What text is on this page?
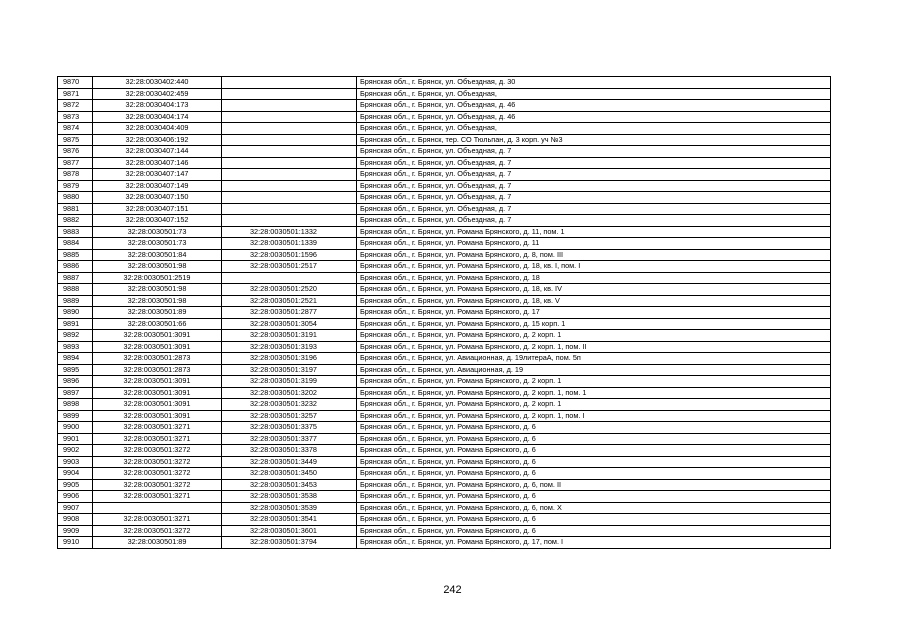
9870	32:28:0030402:440		Брянская обл., г. Брянск, ул. Объездная, д. 30
9871	32:28:0030402:459		Брянская обл., г. Брянск, ул. Объездная,
9872	32:28:0030404:173		Брянская обл., г. Брянск, ул. Объездная, д. 46
9873	32:28:0030404:174		Брянская обл., г. Брянск, ул. Объездная, д. 46
9874	32:28:0030404:409		Брянская обл., г. Брянск, ул. Объездная,
9875	32:28:0030406:192		Брянская обл., г. Брянск, тер. СО Тюльпан, д. 3 корп. уч №3
9876	32:28:0030407:144		Брянская обл., г. Брянск, ул. Объездная, д. 7
9877	32:28:0030407:146		Брянская обл., г. Брянск, ул. Объездная, д. 7
9878	32:28:0030407:147		Брянская обл., г. Брянск, ул. Объездная, д. 7
9879	32:28:0030407:149		Брянская обл., г. Брянск, ул. Объездная, д. 7
9880	32:28:0030407:150		Брянская обл., г. Брянск, ул. Объездная, д. 7
9881	32:28:0030407:151		Брянская обл., г. Брянск, ул. Объездная, д. 7
9882	32:28:0030407:152		Брянская обл., г. Брянск, ул. Объездная, д. 7
9883	32:28:0030501:73	32:28:0030501:1332	Брянская обл., г. Брянск, ул. Романа Брянского, д. 11, пом. 1
9884	32:28:0030501:73	32:28:0030501:1339	Брянская обл., г. Брянск, ул. Романа Брянского, д. 11
9885	32:28:0030501:84	32:28:0030501:1596	Брянская обл., г. Брянск, ул. Романа Брянского, д. 8, пом. III
9886	32:28:0030501:98	32:28:0030501:2517	Брянская обл., г. Брянск, ул. Романа Брянского, д. 18, кв. I, пом. I
9887	32:28:0030501:2519		Брянская обл., г. Брянск, ул. Романа Брянского, д. 18
9888	32:28:0030501:98	32:28:0030501:2520	Брянская обл., г. Брянск, ул. Романа Брянского, д. 18, кв. IV
9889	32:28:0030501:98	32:28:0030501:2521	Брянская обл., г. Брянск, ул. Романа Брянского, д. 18, кв. V
9890	32:28:0030501:89	32:28:0030501:2877	Брянская обл., г. Брянск, ул. Романа Брянского, д. 17
9891	32:28:0030501:66	32:28:0030501:3054	Брянская обл., г. Брянск, ул. Романа Брянского, д. 15 корп. 1
9892	32:28:0030501:3091	32:28:0030501:3191	Брянская обл., г. Брянск, ул. Романа Брянского, д. 2 корп. 1
9893	32:28:0030501:3091	32:28:0030501:3193	Брянская обл., г. Брянск, ул. Романа Брянского, д. 2 корп. 1, пом. II
9894	32:28:0030501:2873	32:28:0030501:3196	Брянская обл., г. Брянск, ул. Авиационная, д. 19литераА, пом. 5п
9895	32:28:0030501:2873	32:28:0030501:3197	Брянская обл., г. Брянск, ул. Авиационная, д. 19
9896	32:28:0030501:3091	32:28:0030501:3199	Брянская обл., г. Брянск, ул. Романа Брянского, д. 2 корп. 1
9897	32:28:0030501:3091	32:28:0030501:3202	Брянская обл., г. Брянск, ул. Романа Брянского, д. 2 корп. 1, пом. 1
9898	32:28:0030501:3091	32:28:0030501:3232	Брянская обл., г. Брянск, ул. Романа Брянского, д. 2 корп. 1
9899	32:28:0030501:3091	32:28:0030501:3257	Брянская обл., г. Брянск, ул. Романа Брянского, д. 2 корп. 1, пом. I
9900	32:28:0030501:3271	32:28:0030501:3375	Брянская обл., г. Брянск, ул. Романа Брянского, д. 6
9901	32:28:0030501:3271	32:28:0030501:3377	Брянская обл., г. Брянск, ул. Романа Брянского, д. 6
9902	32:28:0030501:3272	32:28:0030501:3378	Брянская обл., г. Брянск, ул. Романа Брянского, д. 6
9903	32:28:0030501:3272	32:28:0030501:3449	Брянская обл., г. Брянск, ул. Романа Брянского, д. 6
9904	32:28:0030501:3272	32:28:0030501:3450	Брянская обл., г. Брянск, ул. Романа Брянского, д. 6
9905	32:28:0030501:3272	32:28:0030501:3453	Брянская обл., г. Брянск, ул. Романа Брянского, д. 6, пом. II
9906	32:28:0030501:3271	32:28:0030501:3538	Брянская обл., г. Брянск, ул. Романа Брянского, д. 6
9907		32:28:0030501:3539	Брянская обл., г. Брянск, ул. Романа Брянского, д. 6, пом. Х
9908	32:28:0030501:3271	32:28:0030501:3541	Брянская обл., г. Брянск, ул. Романа Брянского, д. 6
9909	32:28:0030501:3272	32:28:0030501:3601	Брянская обл., г. Брянск, ул. Романа Брянского, д. 6
9910	32:28:0030501:89	32:28:0030501:3794	Брянская обл., г. Брянск, ул. Романа Брянского, д. 17, пом. I
242
